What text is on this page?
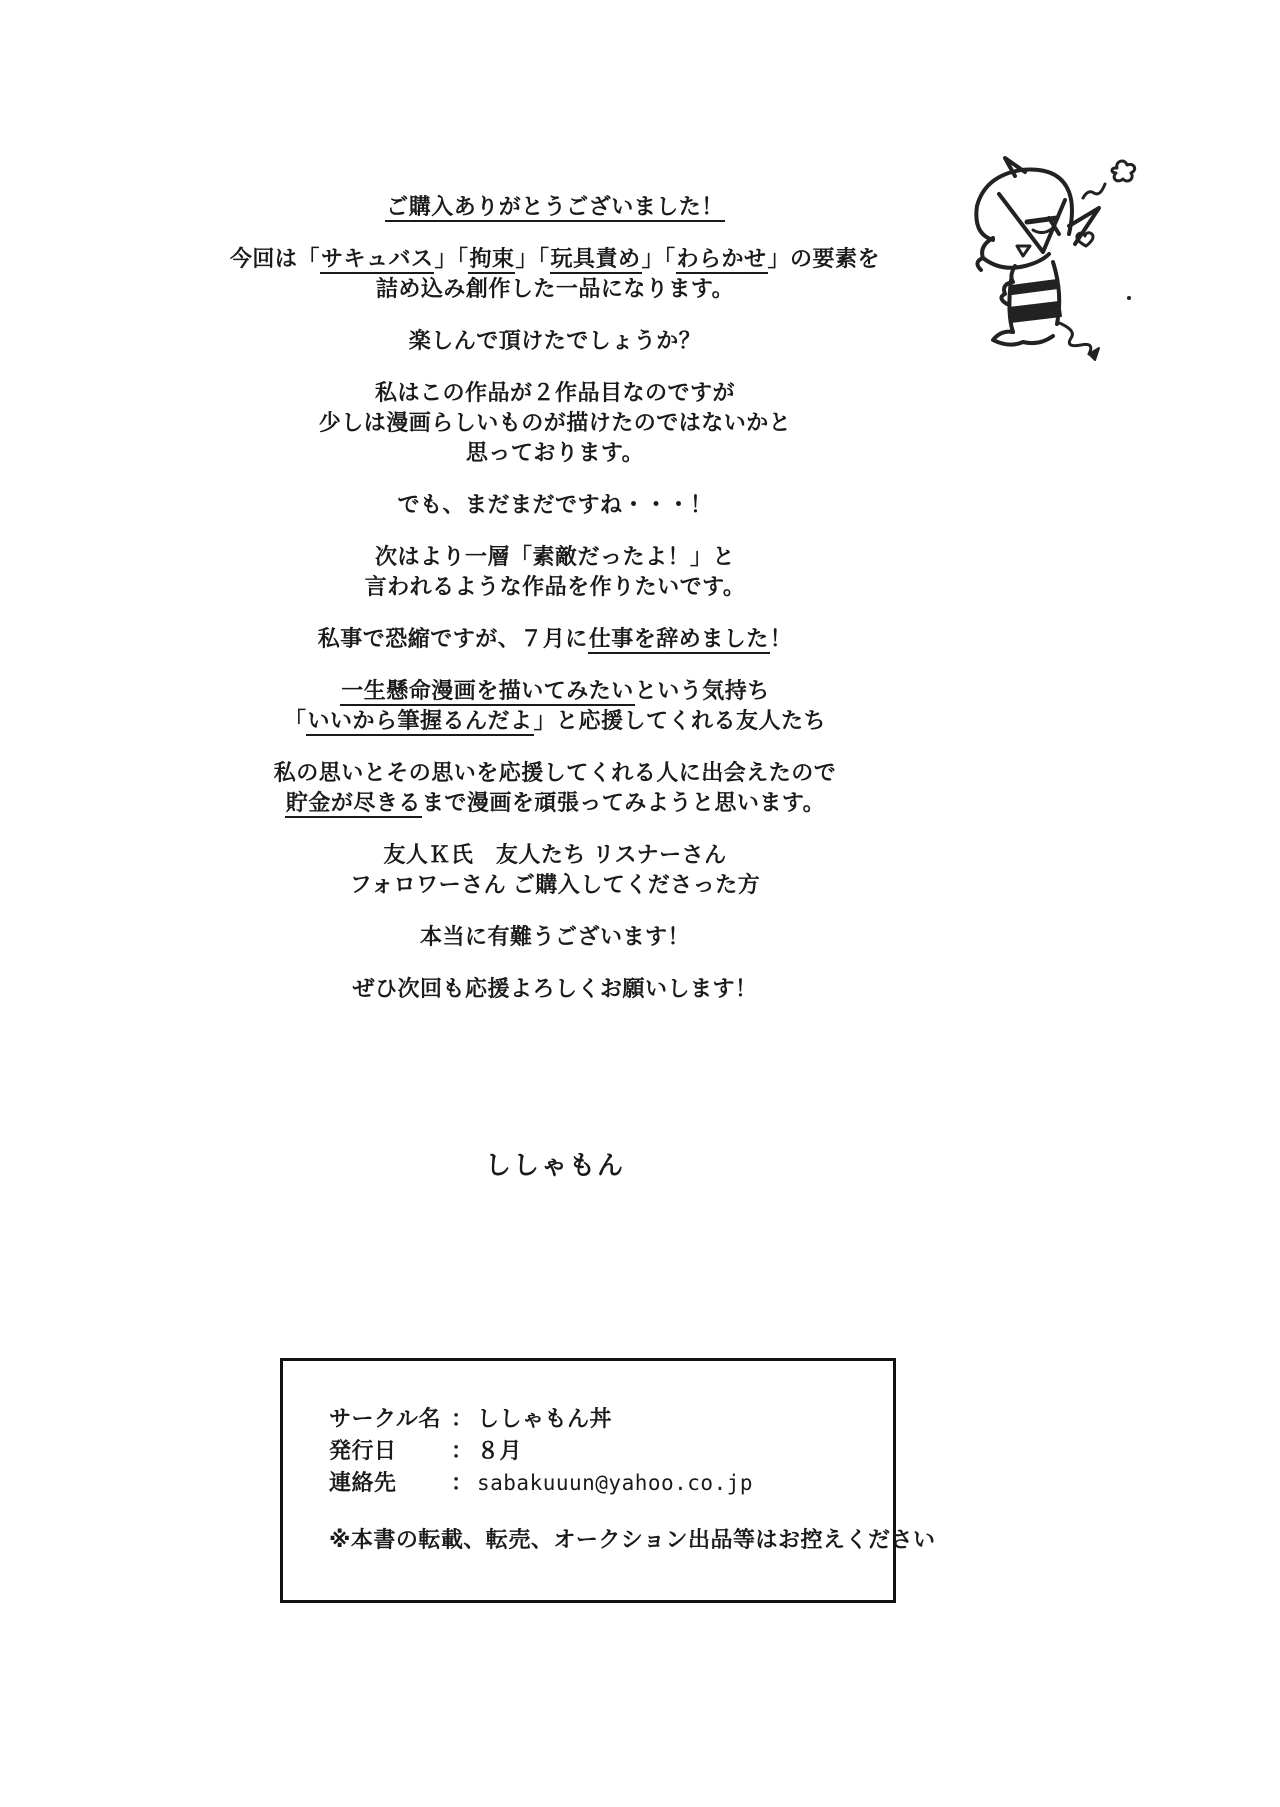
ご購入ありがとうございました！
今回は「サキュバス」「拘束」「玩具責め」「わらかせ」の要素を
詰め込み創作した一品になります。
楽しんで頂けたでしょうか？
私はこの作品が２作品目なのですが
少しは漫画らしいものが描けたのではないかと
思っております。
でも、まだまだですね・・・！
次はより一層「素敵だったよ！」と
言われるような作品を作りたいです。
私事で恐縮ですが、７月に仕事を辞めました！
一生懸命漫画を描いてみたいという気持ち
「いいから筆握るんだよ」と応援してくれる友人たち
私の思いとその思いを応援してくれる人に出会えたので
貯金が尽きるまで漫画を頑張ってみようと思います。
友人Ｋ氏　友人たち リスナーさん
フォロワーさん ご購入してくださった方
本当に有難うございます！
ぜひ次回も応援よろしくお願いします！
ししゃもん
サークル名 ： ししゃもん丼
発行日	： ８月
連絡先	： sabakuuun@yahoo.co.jp
※本書の転載、転売、オークション出品等はお控えください
